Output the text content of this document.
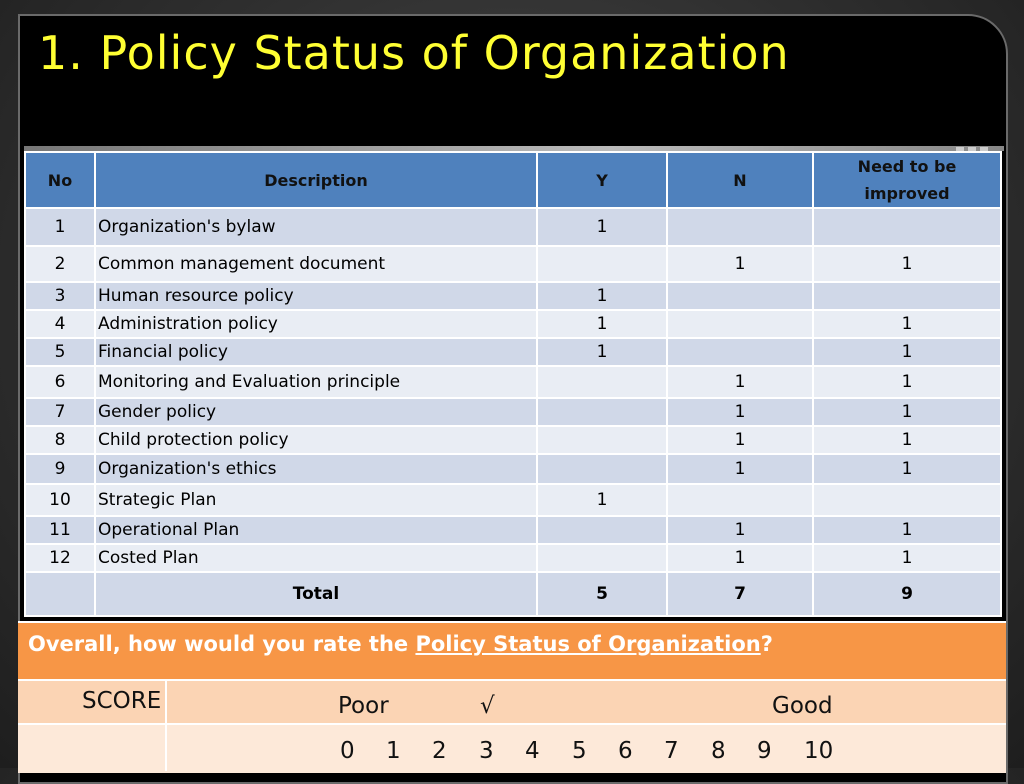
1. Policy Status of Organization
No	Description	Y	N	Need to be improved
1	Organization's bylaw	1		
2	Common management document		1	1
3	Human resource policy	1		
4	Administration policy	1		1
5	Financial policy	1		1
6	Monitoring and Evaluation principle		1	1
7	Gender policy		1	1
8	Child protection policy		1	1
9	Organization's ethics		1	1
10	Strategic Plan	1		
11	Operational Plan		1	1
12	Costed Plan		1	1
	Total	5	7	9
Overall, how would you rate the Policy Status of Organization?
SCORE	Poor	√	Good
0 1 2 3 4 5 6 7 8 9 10
